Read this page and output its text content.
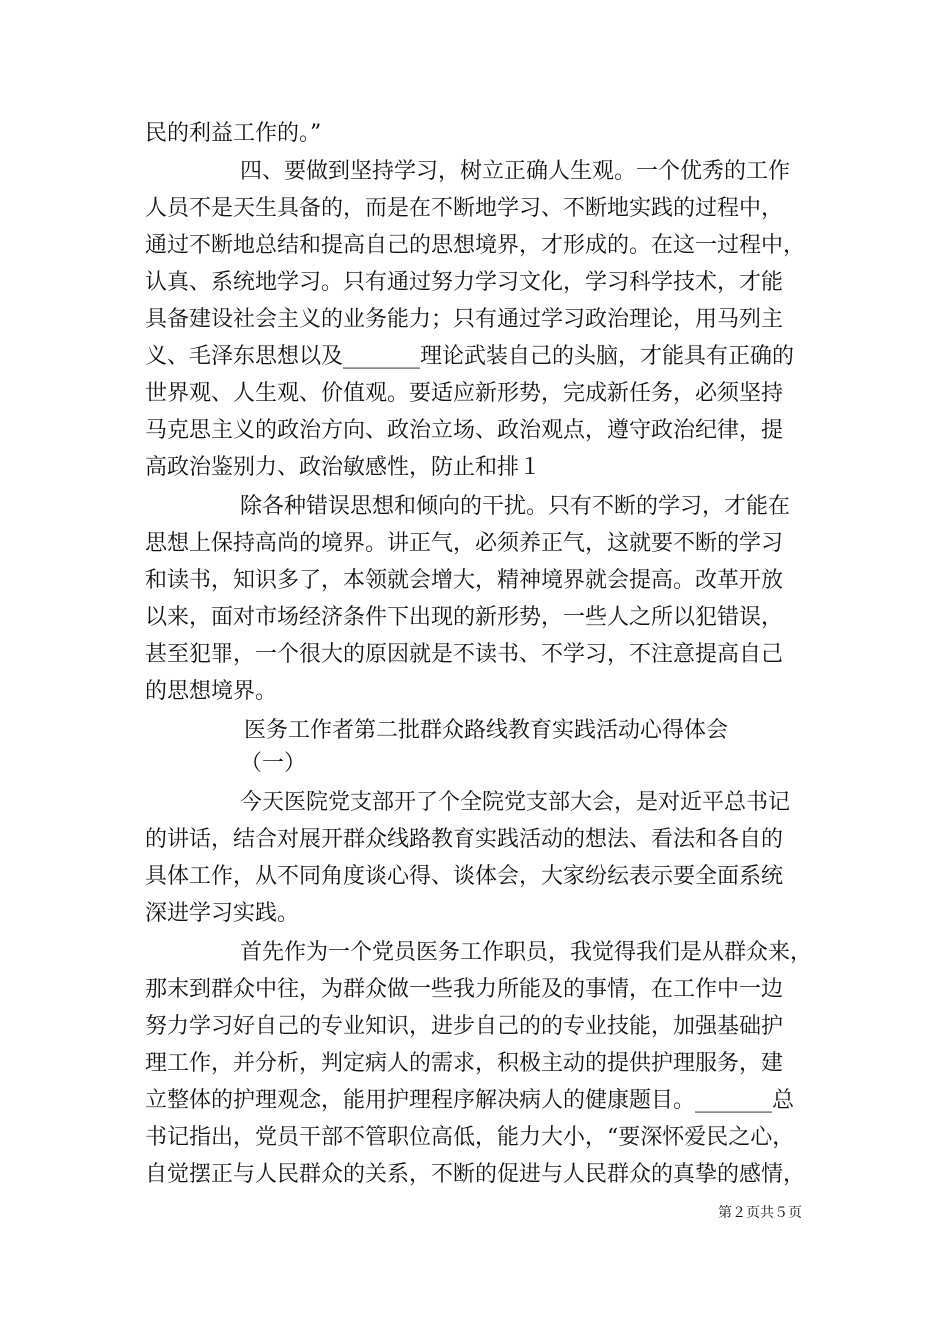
民的利益工作的。”
四、要做到坚持学习，树立正确人生观。一个优秀的工作
人员不是天生具备的，而是在不断地学习、不断地实践的过程中，
通过不断地总结和提高自己的思想境界，才形成的。在这一过程中，
认真、系统地学习。只有通过努力学习文化，学习科学技术，才能
具备建设社会主义的业务能力；只有通过学习政治理论，用马列主
义、毛泽东思想以及_______理论武装自己的头脑，才能具有正确的
世界观、人生观、价值观。要适应新形势，完成新任务，必须坚持
马克思主义的政治方向、政治立场、政治观点，遵守政治纪律，提
高政治鉴别力、政治敏感性，防止和排１
除各种错误思想和倾向的干扰。只有不断的学习，才能在
思想上保持高尚的境界。讲正气，必须养正气，这就要不断的学习
和读书，知识多了，本领就会增大，精神境界就会提高。改革开放
以来，面对市场经济条件下出现的新形势，一些人之所以犯错误，
甚至犯罪，一个很大的原因就是不读书、不学习，不注意提高自己
的思想境界。
医务工作者第二批群众路线教育实践活动心得体会
（一）
今天医院党支部开了个全院党支部大会，是对近平总书记
的讲话，结合对展开群众线路教育实践活动的想法、看法和各自的
具体工作，从不同角度谈心得、谈体会，大家纷纭表示要全面系统
深进学习实践。
首先作为一个党员医务工作职员，我觉得我们是从群众来，
那末到群众中往，为群众做一些我力所能及的事情，在工作中一边
努力学习好自己的专业知识，进步自己的的专业技能，加强基础护
理工作，并分析，判定病人的需求，积极主动的提供护理服务，建
立整体的护理观念，能用护理程序解决病人的健康题目。_______总
书记指出，党员干部不管职位高低，能力大小，“要深怀爱民之心，
自觉摆正与人民群众的关系，不断的促进与人民群众的真挚的感情，
第２页共５页
